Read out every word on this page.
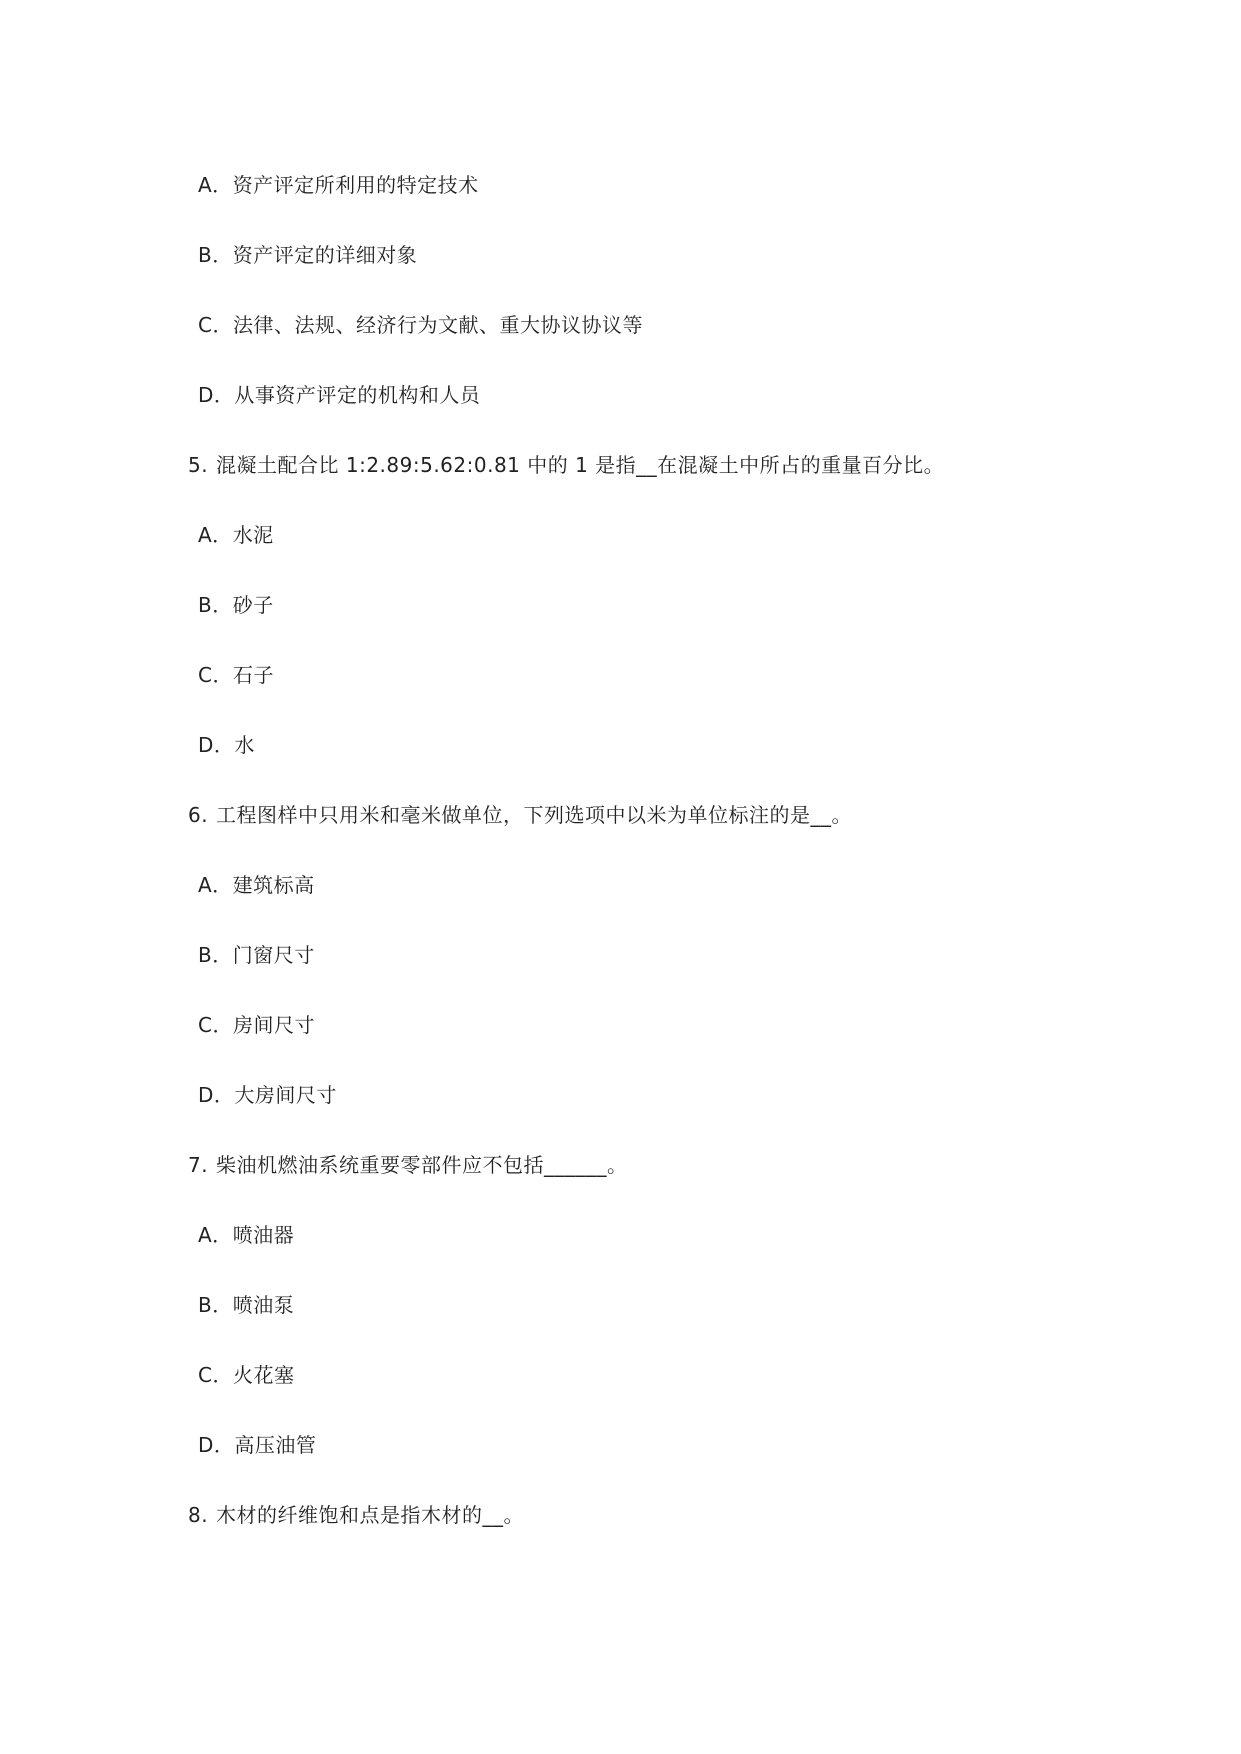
A．资产评定所利用的特定技术
B．资产评定的详细对象
C．法律、法规、经济行为文献、重大协议协议等
D．从事资产评定的机构和人员
5. 混凝土配合比 1:2.89:5.62:0.81 中的 1 是指__在混凝土中所占的重量百分比。
A．水泥
B．砂子
C．石子
D．水
6. 工程图样中只用米和毫米做单位，下列选项中以米为单位标注的是__。
A．建筑标高
B．门窗尺寸
C．房间尺寸
D．大房间尺寸
7. 柴油机燃油系统重要零部件应不包括______。
A．喷油器
B．喷油泵
C．火花塞
D．高压油管
8. 木材的纤维饱和点是指木材的__。
